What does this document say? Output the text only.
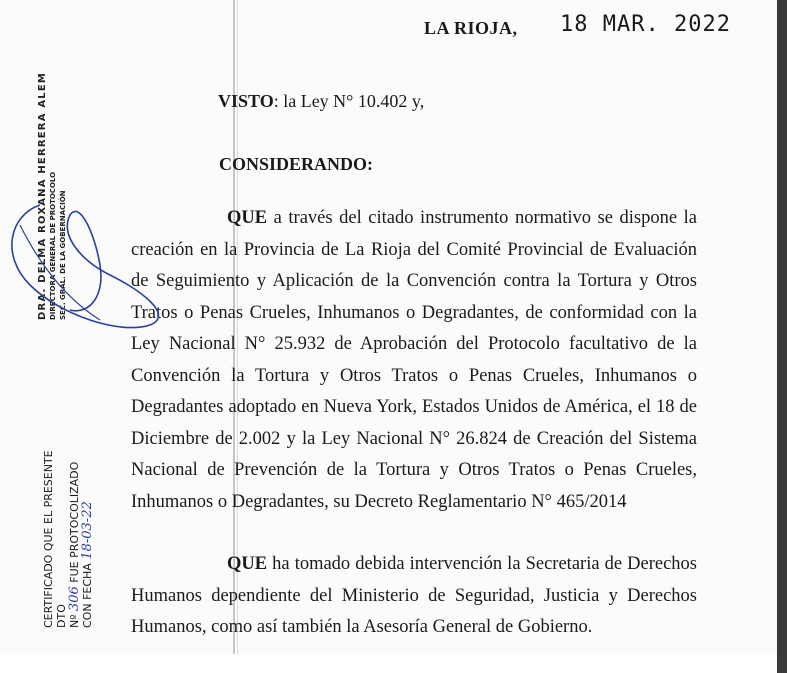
LA RIOJA, 18 MAR. 2022
VISTO: la Ley N° 10.402 y,
CONSIDERANDO:
QUE a través del citado instrumento normativo se dispone la creación en la Provincia de La Rioja del Comité Provincial de Evaluación de Seguimiento y Aplicación de la Convención contra la Tortura y Otros Tratos o Penas Crueles, Inhumanos o Degradantes, de conformidad con la Ley Nacional N° 25.932 de Aprobación del Protocolo facultativo de la Convención la Tortura y Otros Tratos o Penas Crueles, Inhumanos o Degradantes adoptado en Nueva York, Estados Unidos de América, el 18 de Diciembre de 2.002 y la Ley Nacional N° 26.824 de Creación del Sistema Nacional de Prevención de la Tortura y Otros Tratos o Penas Crueles, Inhumanos o Degradantes, su Decreto Reglamentario N° 465/2014
QUE ha tomado debida intervención la Secretaria de Derechos Humanos dependiente del Ministerio de Seguridad, Justicia y Derechos Humanos, como así también la Asesoría General de Gobierno.
DRA. DELMA ROXANA HERRERA ALEM DIRECTORA GENERAL DE PROTOCOLO SEC. GRAL. DE LA GOBERNACIÓN
CERTIFICADO QUE EL PRESENTE DTO Nº 306 FUE PROTOCOLIZADO
CON FECHA 18-03-22
